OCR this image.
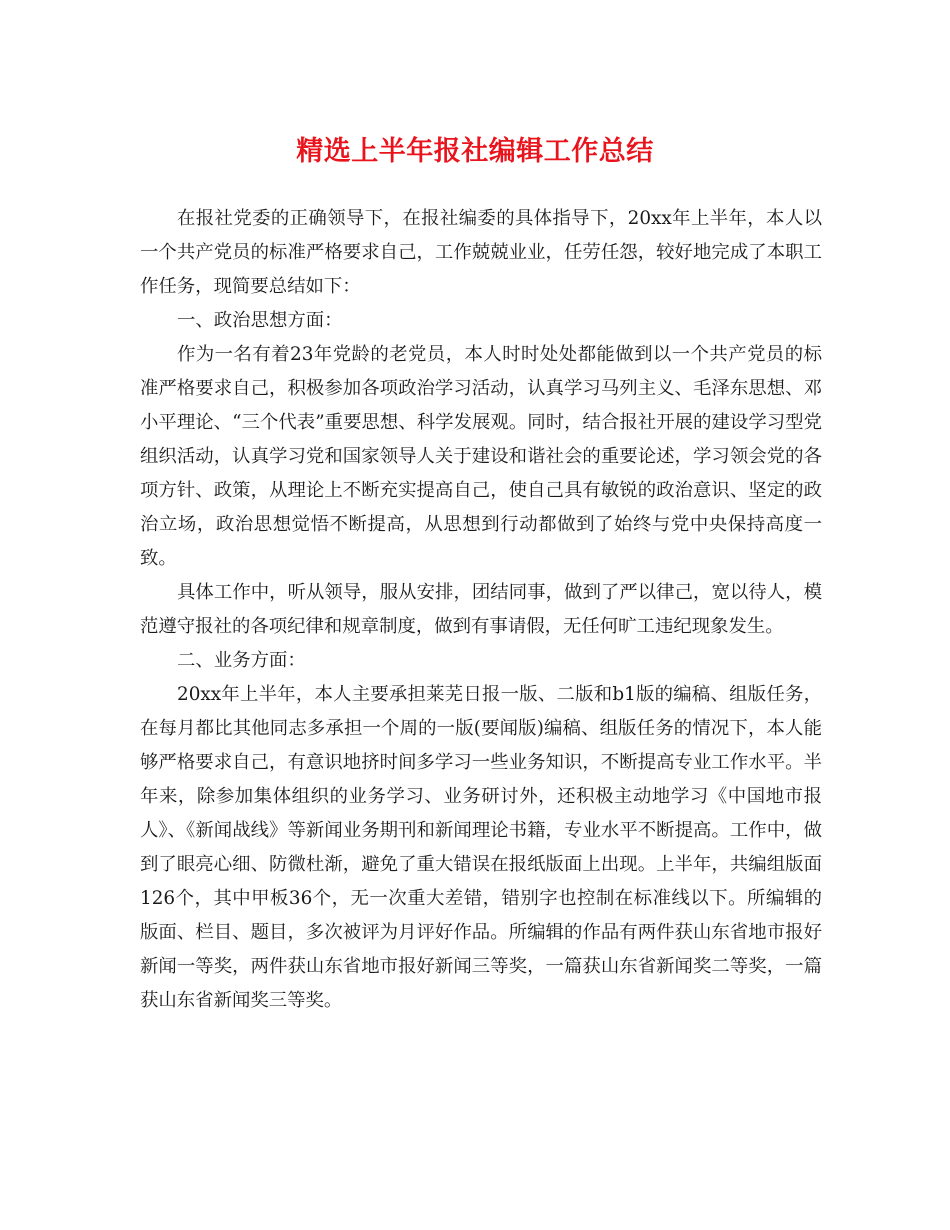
精选上半年报社编辑工作总结

在报社党委的正确领导下，在报社编委的具体指导下，20xx年上半年，本人以一个共产党员的标准严格要求自己，工作兢兢业业，任劳任怨，较好地完成了本职工作任务，现简要总结如下：

一、政治思想方面：

作为一名有着23年党龄的老党员，本人时时处处都能做到以一个共产党员的标准严格要求自己，积极参加各项政治学习活动，认真学习马列主义、毛泽东思想、邓小平理论、“三个代表”重要思想、科学发展观。同时，结合报社开展的建设学习型党组织活动，认真学习党和国家领导人关于建设和谐社会的重要论述，学习领会党的各项方针、政策，从理论上不断充实提高自己，使自己具有敏锐的政治意识、坚定的政治立场，政治思想觉悟不断提高，从思想到行动都做到了始终与党中央保持高度一致。

具体工作中，听从领导，服从安排，团结同事，做到了严以律己，宽以待人，模范遵守报社的各项纪律和规章制度，做到有事请假，无任何旷工违纪现象发生。

二、业务方面：

20xx年上半年，本人主要承担莱芜日报一版、二版和b1版的编稿、组版任务，在每月都比其他同志多承担一个周的一版(要闻版)编稿、组版任务的情况下，本人能够严格要求自己，有意识地挤时间多学习一些业务知识，不断提高专业工作水平。半年来，除参加集体组织的业务学习、业务研讨外，还积极主动地学习《中国地市报人》、《新闻战线》等新闻业务期刊和新闻理论书籍，专业水平不断提高。工作中，做到了眼亮心细、防微杜渐，避免了重大错误在报纸版面上出现。上半年，共编组版面126个，其中甲板36个，无一次重大差错，错别字也控制在标准线以下。所编辑的版面、栏目、题目，多次被评为月评好作品。所编辑的作品有两件获山东省地市报好新闻一等奖，两件获山东省地市报好新闻三等奖，一篇获山东省新闻奖二等奖，一篇获山东省新闻奖三等奖。
